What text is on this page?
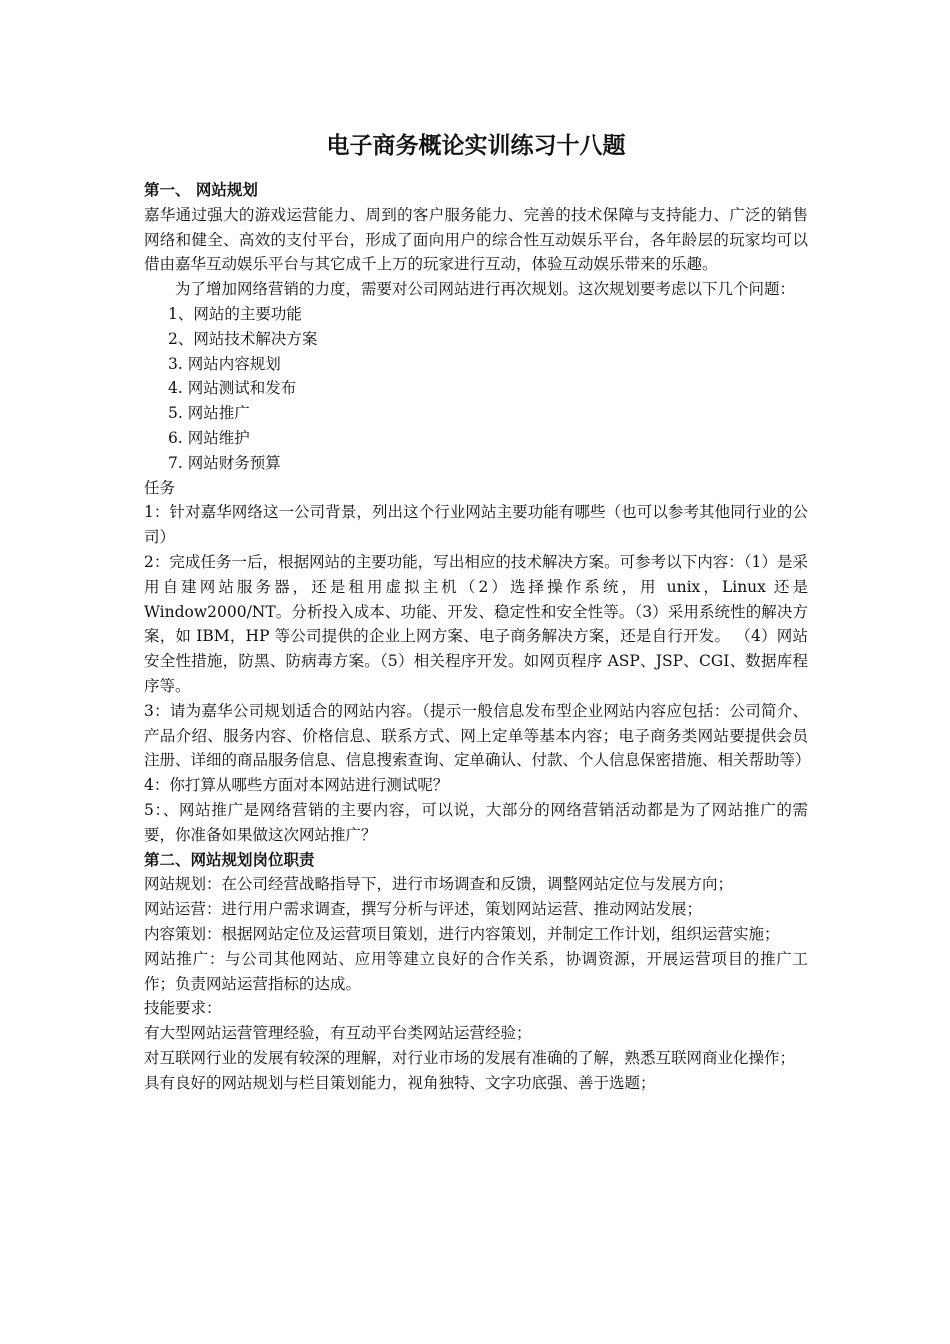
电子商务概论实训练习十八题

第一、 网站规划

嘉华通过强大的游戏运营能力、周到的客户服务能力、完善的技术保障与支持能力、广泛的销售网络和健全、高效的支付平台，形成了面向用户的综合性互动娱乐平台，各年龄层的玩家均可以借由嘉华互动娱乐平台与其它成千上万的玩家进行互动，体验互动娱乐带来的乐趣。

为了增加网络营销的力度，需要对公司网站进行再次规划。这次规划要考虑以下几个问题：

1、网站的主要功能

2、网站技术解决方案

3. 网站内容规划

4. 网站测试和发布

5. 网站推广

6. 网站维护

7. 网站财务预算

任务

1：针对嘉华网络这一公司背景，列出这个行业网站主要功能有哪些（也可以参考其他同行业的公司）

2：完成任务一后，根据网站的主要功能，写出相应的技术解决方案。可参考以下内容：（1）是采用自建网站服务器，还是租用虚拟主机（2）选择操作系统，用 unix，Linux 还是 Window2000/NT。分析投入成本、功能、开发、稳定性和安全性等。（3）采用系统性的解决方案，如 IBM，HP 等公司提供的企业上网方案、电子商务解决方案，还是自行开发。 （4）网站安全性措施，防黑、防病毒方案。（5）相关程序开发。如网页程序 ASP、JSP、CGI、数据库程序等。

3：请为嘉华公司规划适合的网站内容。（提示一般信息发布型企业网站内容应包括：公司简介、产品介绍、服务内容、价格信息、联系方式、网上定单等基本内容；电子商务类网站要提供会员注册、详细的商品服务信息、信息搜索查询、定单确认、付款、个人信息保密措施、相关帮助等）

4：你打算从哪些方面对本网站进行测试呢？

5：、网站推广是网络营销的主要内容，可以说，大部分的网络营销活动都是为了网站推广的需要，你准备如果做这次网站推广？

第二、网站规划岗位职责

网站规划：在公司经营战略指导下，进行市场调查和反馈，调整网站定位与发展方向；

网站运营：进行用户需求调查，撰写分析与评述，策划网站运营、推动网站发展；

内容策划：根据网站定位及运营项目策划，进行内容策划，并制定工作计划，组织运营实施；

网站推广：与公司其他网站、应用等建立良好的合作关系，协调资源，开展运营项目的推广工作；负责网站运营指标的达成。

技能要求：

有大型网站运营管理经验，有互动平台类网站运营经验；

对互联网行业的发展有较深的理解，对行业市场的发展有准确的了解，熟悉互联网商业化操作；

具有良好的网站规划与栏目策划能力，视角独特、文字功底强、善于选题；
